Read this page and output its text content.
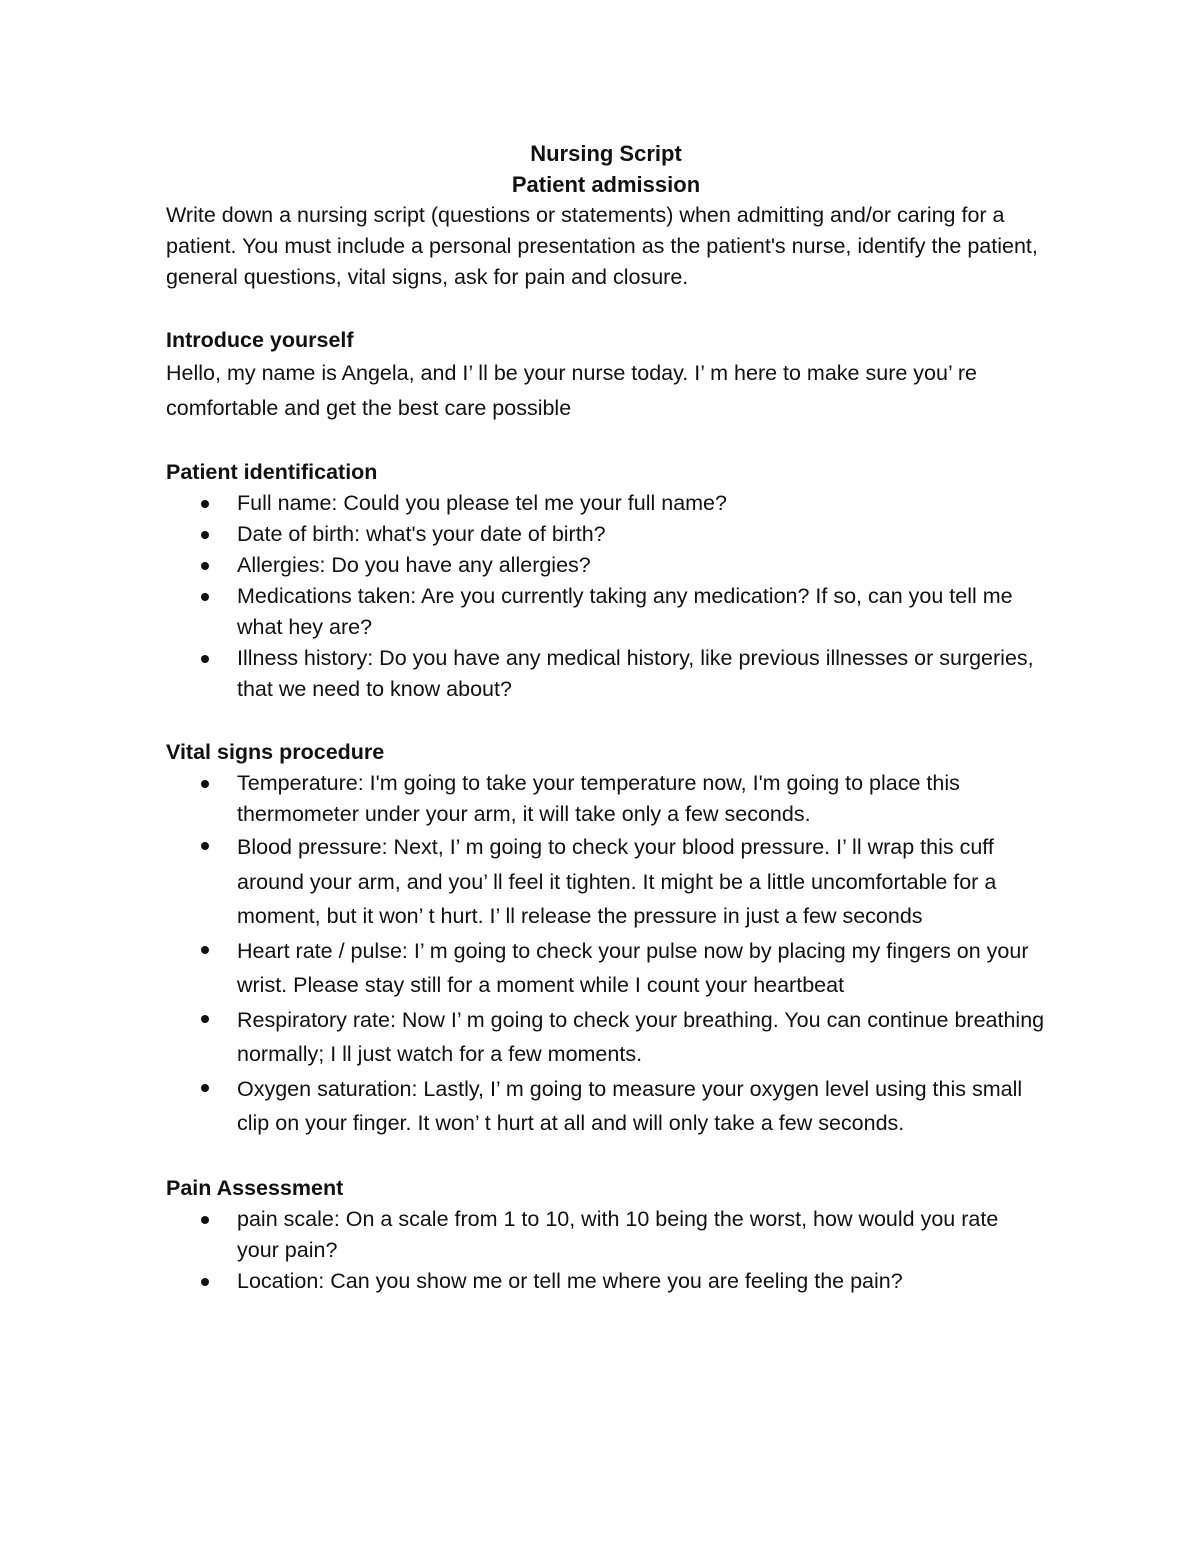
Nursing Script
Patient admission

Write down a nursing script (questions or statements) when admitting and/or caring for a patient. You must include a personal presentation as the patient's nurse, identify the patient, general questions, vital signs, ask for pain and closure.

Introduce yourself

Hello, my name is Angela, and I’ ll be your nurse today. I’ m here to make sure you’ re comfortable and get the best care possible

Patient identification
Full name: Could you please tel me your full name?
Date of birth: what's your date of birth?
Allergies: Do you have any allergies?
Medications taken: Are you currently taking any medication? If so, can you tell me what hey are?
Illness history: Do you have any medical history, like previous illnesses or surgeries, that we need to know about?
Vital signs procedure
Temperature: I'm going to take your temperature now, I'm going to place this thermometer under your arm, it will take only a few seconds.
Blood pressure: Next, I’ m going to check your blood pressure. I’ ll wrap this cuff around your arm, and you’ ll feel it tighten. It might be a little uncomfortable for a moment, but it won’ t hurt. I’ ll release the pressure in just a few seconds
Heart rate / pulse: I’ m going to check your pulse now by placing my fingers on your wrist. Please stay still for a moment while I count your heartbeat
Respiratory rate: Now I’ m going to check your breathing. You can continue breathing normally; I ll just watch for a few moments.
Oxygen saturation: Lastly, I’ m going to measure your oxygen level using this small clip on your finger. It won’ t hurt at all and will only take a few seconds.
Pain Assessment
pain scale: On a scale from 1 to 10, with 10 being the worst, how would you rate your pain?
Location: Can you show me or tell me where you are feeling the pain?
